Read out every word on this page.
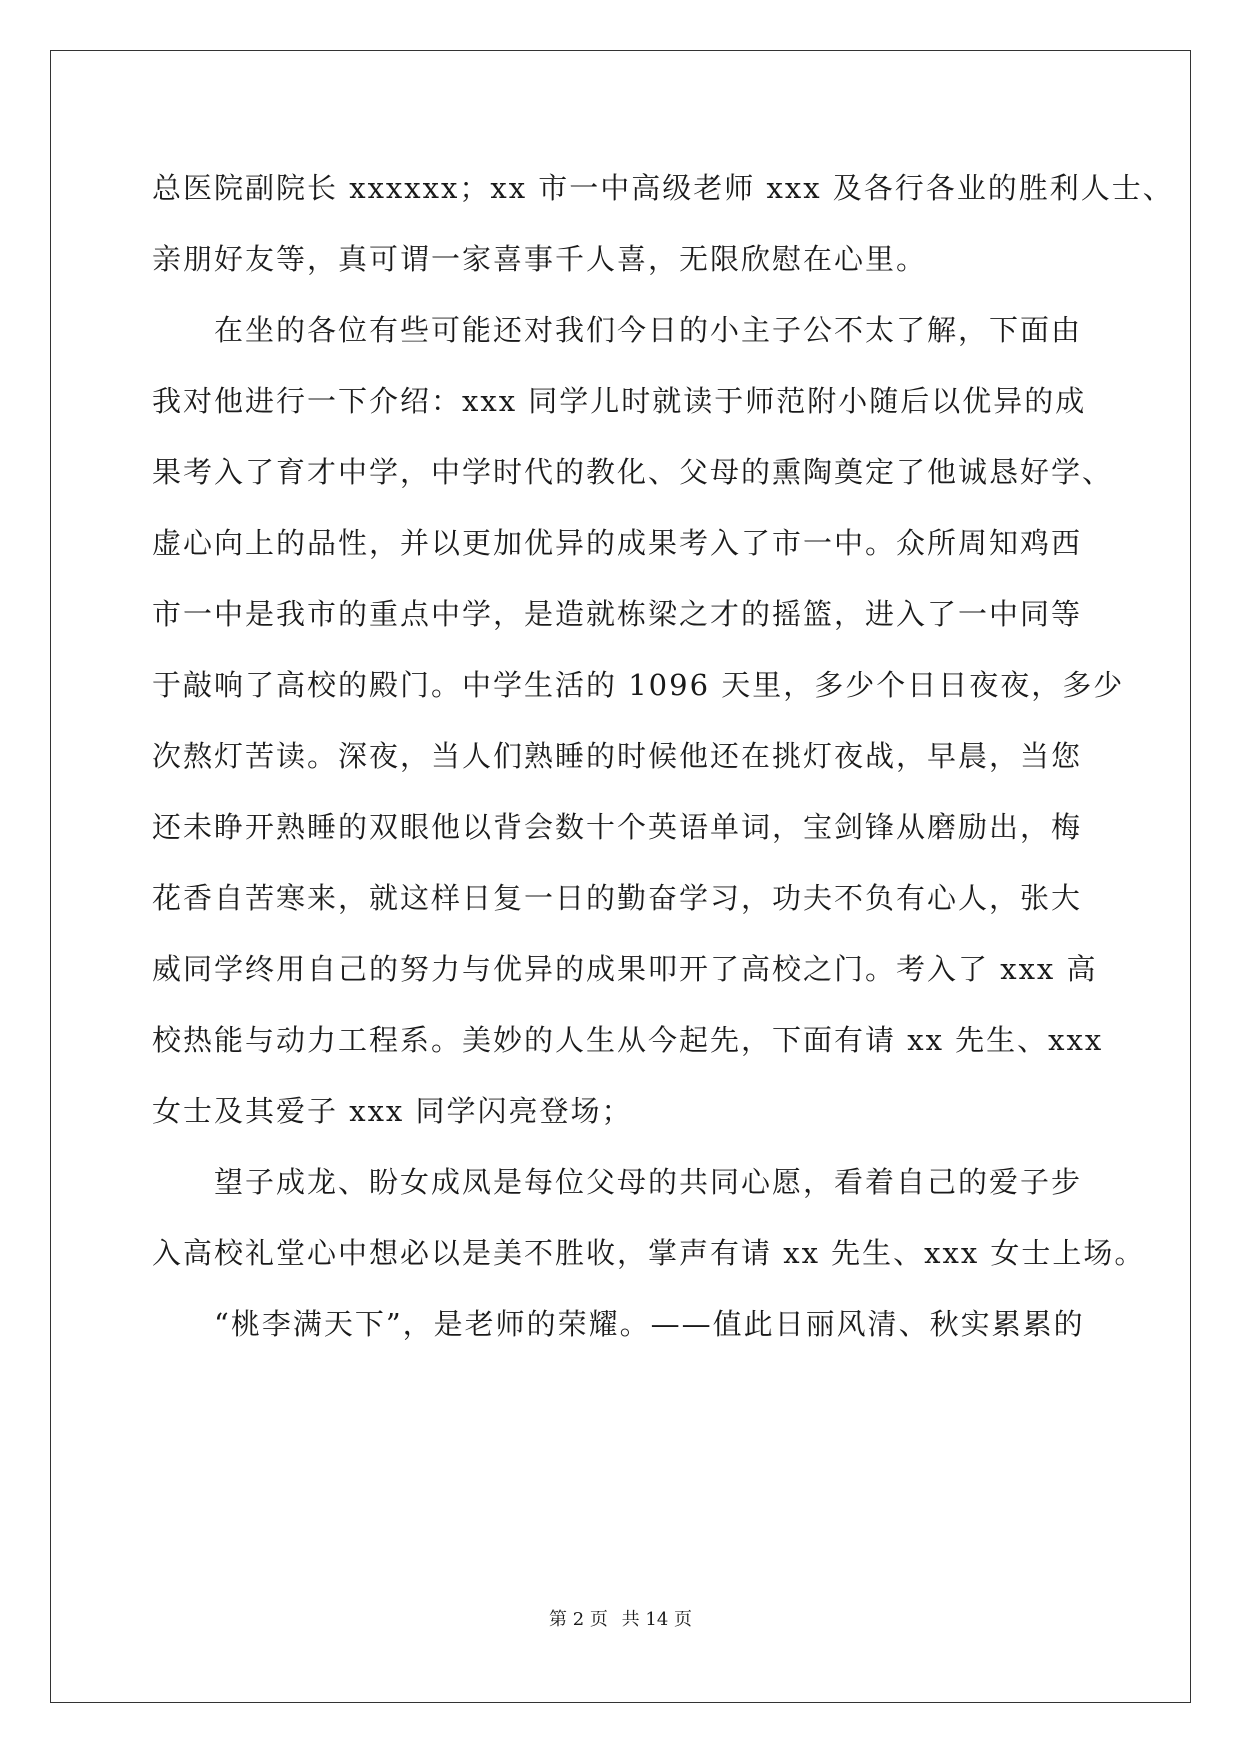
总医院副院长 xxxxxx；xx 市一中高级老师 xxx 及各行各业的胜利人士、
亲朋好友等，真可谓一家喜事千人喜，无限欣慰在心里。
在坐的各位有些可能还对我们今日的小主子公不太了解，下面由
我对他进行一下介绍：xxx 同学儿时就读于师范附小随后以优异的成
果考入了育才中学，中学时代的教化、父母的熏陶奠定了他诚恳好学、
虚心向上的品性，并以更加优异的成果考入了市一中。众所周知鸡西
市一中是我市的重点中学，是造就栋梁之才的摇篮，进入了一中同等
于敲响了高校的殿门。中学生活的 1096 天里，多少个日日夜夜，多少
次熬灯苦读。深夜，当人们熟睡的时候他还在挑灯夜战，早晨，当您
还未睁开熟睡的双眼他以背会数十个英语单词，宝剑锋从磨励出，梅
花香自苦寒来，就这样日复一日的勤奋学习，功夫不负有心人，张大
威同学终用自己的努力与优异的成果叩开了高校之门。考入了 xxx 高
校热能与动力工程系。美妙的人生从今起先，下面有请 xx 先生、xxx
女士及其爱子 xxx 同学闪亮登场；
望子成龙、盼女成凤是每位父母的共同心愿，看着自己的爱子步
入高校礼堂心中想必以是美不胜收，掌声有请 xx 先生、xxx 女士上场。
“桃李满天下”，是老师的荣耀。——值此日丽风清、秋实累累的
第 2 页 共 14 页
